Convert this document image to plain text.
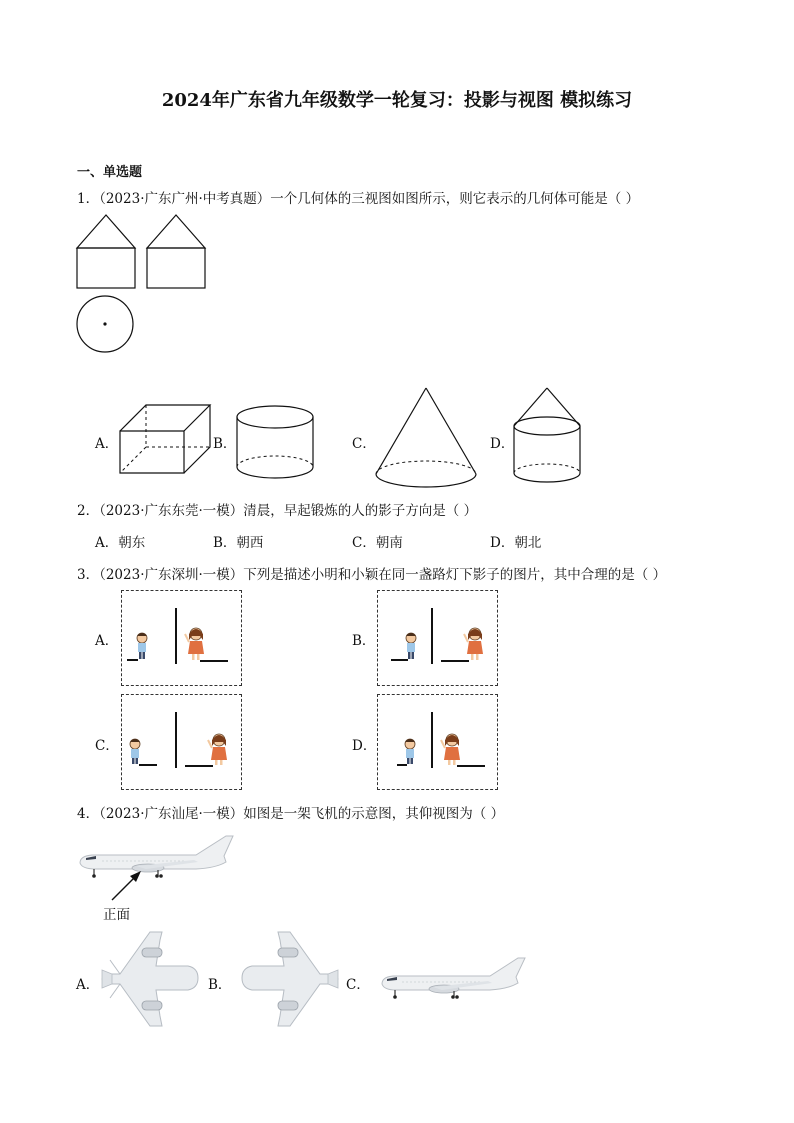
2024年广东省九年级数学一轮复习：投影与视图 模拟练习
一、单选题
1．（2023·广东广州·中考真题）一个几何体的三视图如图所示，则它表示的几何体可能是（ ）
A．	B．	C．	D．
2．（2023·广东东莞·一模）清晨，早起锻炼的人的影子方向是（ ）
A．朝东	B．朝西	C．朝南	D．朝北
3．（2023·广东深圳·一模）下列是描述小明和小颖在同一盏路灯下影子的图片，其中合理的是（ ）
A．	B．
C．	D．
4．（2023·广东汕尾·一模）如图是一架飞机的示意图，其仰视图为（ ）
正面
A．	B．	C．
